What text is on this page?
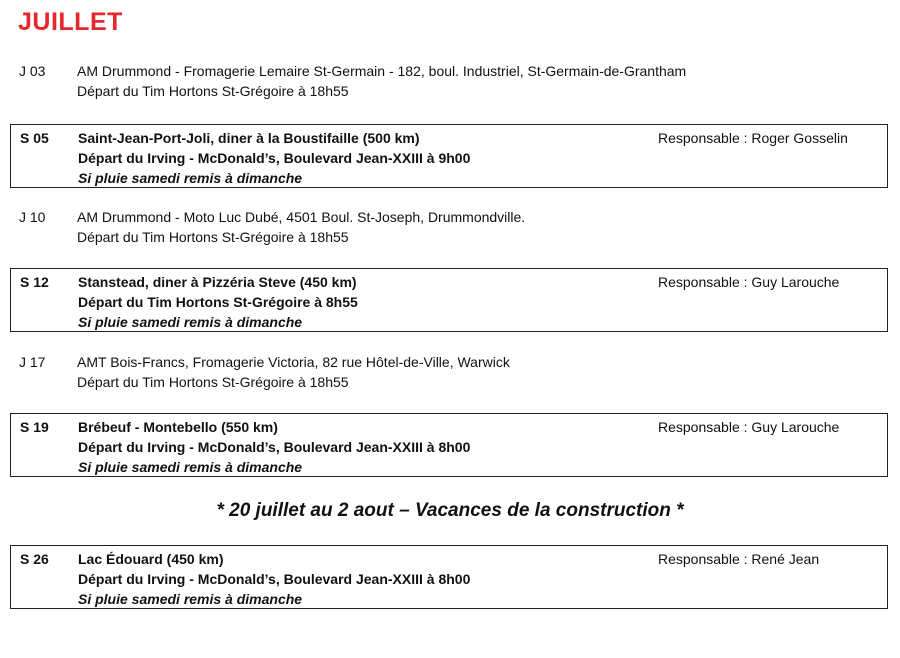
JUILLET
J 03 AM Drummond - Fromagerie Lemaire St-Germain - 182, boul. Industriel, St-Germain-de-Grantham
Départ du Tim Hortons St-Grégoire à 18h55
S 05 Saint-Jean-Port-Joli, diner à la Boustifaille (500 km)
Départ du Irving - McDonald’s, Boulevard Jean-XXIII à 9h00
Si pluie samedi remis à dimanche
Responsable : Roger Gosselin
J 10 AM Drummond - Moto Luc Dubé, 4501 Boul. St-Joseph, Drummondville.
Départ du Tim Hortons St-Grégoire à 18h55
S 12 Stanstead, diner à Pizzéria Steve (450 km)
Départ du Tim Hortons St-Grégoire à 8h55
Si pluie samedi remis à dimanche
Responsable : Guy Larouche
J 17 AMT Bois-Francs, Fromagerie Victoria, 82 rue Hôtel-de-Ville, Warwick
Départ du Tim Hortons St-Grégoire à 18h55
S 19 Brébeuf - Montebello (550 km)
Départ du Irving - McDonald’s, Boulevard Jean-XXIII à 8h00
Si pluie samedi remis à dimanche
Responsable : Guy Larouche
* 20 juillet au 2 aout – Vacances de la construction *
S 26 Lac Édouard (450 km)
Départ du Irving - McDonald’s, Boulevard Jean-XXIII à 8h00
Si pluie samedi remis à dimanche
Responsable : René Jean
